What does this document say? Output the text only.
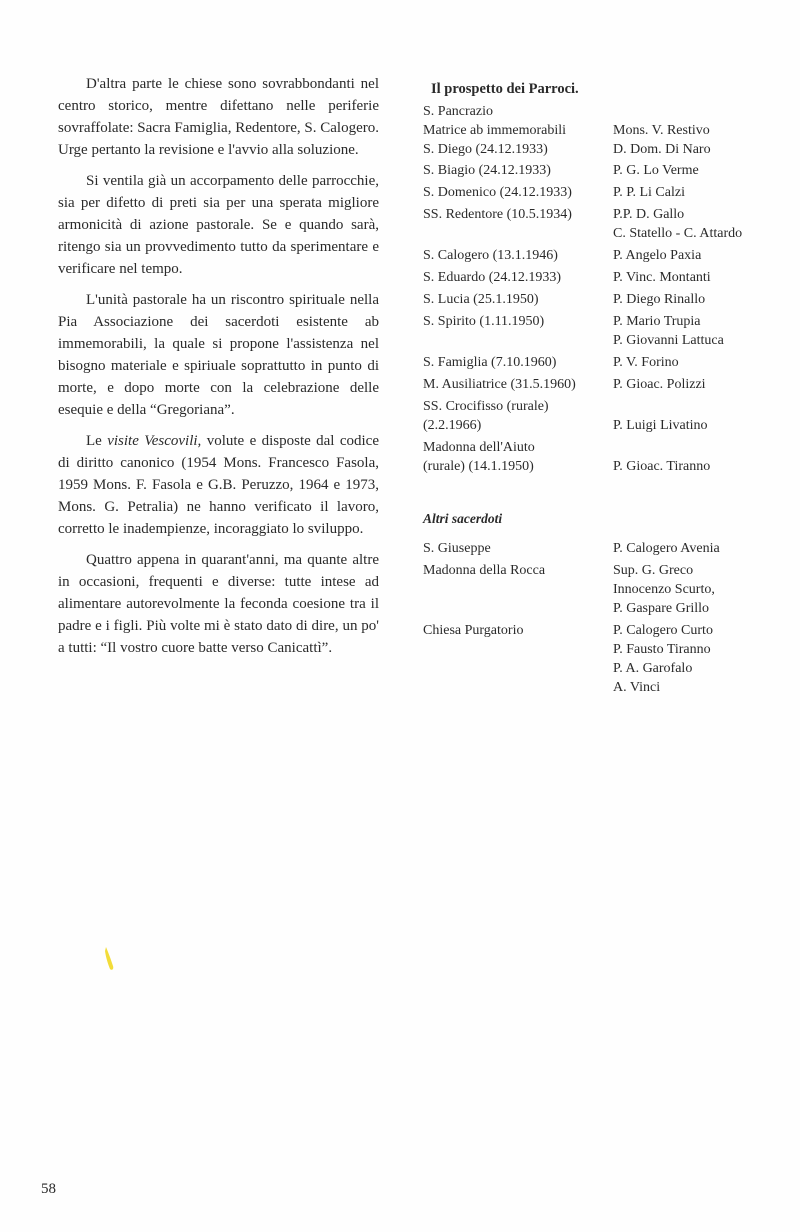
D'altra parte le chiese sono sovrabbondanti nel centro storico, mentre difettano nelle periferie sovraffolate: Sacra Famiglia, Redentore, S. Calogero. Urge pertanto la revisione e l'avvio alla soluzione.

Si ventila già un accorpamento delle parrocchie, sia per difetto di preti sia per una sperata migliore armonicità di azione pastorale. Se e quando sarà, ritengo sia un provvedimento tutto da sperimentare e verificare nel tempo.

L'unità pastorale ha un riscontro spirituale nella Pia Associazione dei sacerdoti esistente ab immemorabili, la quale si propone l'assistenza nel bisogno materiale e spiriuale soprattutto in punto di morte, e dopo morte con la celebrazione delle esequie e della “Gregoriana”.

Le visite Vescovili, volute e disposte dal codice di diritto canonico (1954 Mons. Francesco Fasola, 1959 Mons. F. Fasola e G.B. Peruzzo, 1964 e 1973, Mons. G. Petralia) ne hanno verificato il lavoro, corretto le inadempienze, incoraggiato lo sviluppo.

Quattro appena in quarant'anni, ma quante altre in occasioni, frequenti e diverse: tutte intese ad alimentare autorevolmente la feconda coesione tra il padre e i figli. Più volte mi è stato dato di dire, un po' a tutti: “Il vostro cuore batte verso Canicattì”.

Il prospetto dei Parroci.
S. Pancrazio
Matrice ab immemorabili
	Mons. V. Restivo
S. Diego (24.12.1933)	D. Dom. Di Naro
S. Biagio (24.12.1933)	P. G. Lo Verme
S. Domenico (24.12.1933)	P. P. Li Calzi
SS. Redentore (10.5.1934)	P.P. D. Gallo
C. Statello - C. Attardo
S. Calogero (13.1.1946)	P. Angelo Paxia
S. Eduardo (24.12.1933)	P. Vinc. Montanti
S. Lucia (25.1.1950)	P. Diego Rinallo
S. Spirito (1.11.1950)	P. Mario Trupia
P. Giovanni Lattuca
S. Famiglia (7.10.1960)	P. V. Forino
M. Ausiliatrice (31.5.1960)	P. Gioac. Polizzi
SS. Crocifisso (rurale)
(2.2.1966)
	P. Luigi Livatino
Madonna dell'Aiuto
(rurale) (14.1.1950)
	P. Gioac. Tiranno
Altri sacerdoti
S. Giuseppe	P. Calogero Avenia
Madonna della Rocca	Sup. G. Greco
Innocenzo Scurto,
P. Gaspare Grillo
Chiesa Purgatorio	P. Calogero Curto
P. Fausto Tiranno
P. A. Garofalo
A. Vinci
58
